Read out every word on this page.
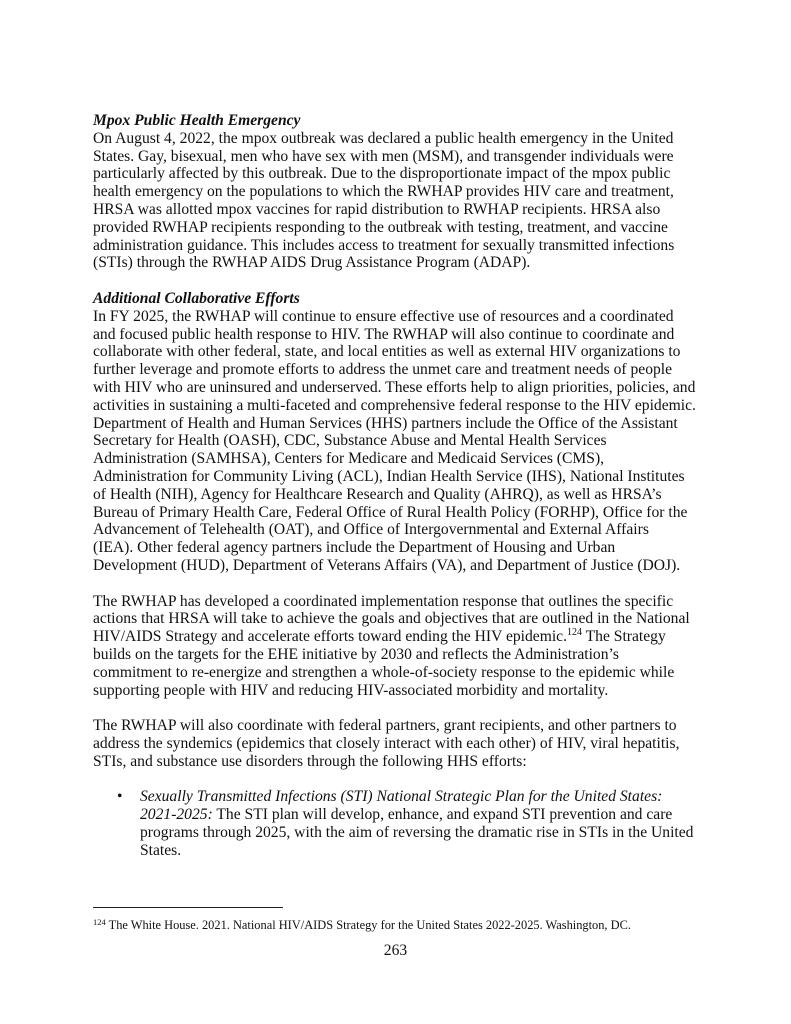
Mpox Public Health Emergency
On August 4, 2022, the mpox outbreak was declared a public health emergency in the United
States. Gay, bisexual, men who have sex with men (MSM), and transgender individuals were
particularly affected by this outbreak. Due to the disproportionate impact of the mpox public
health emergency on the populations to which the RWHAP provides HIV care and treatment,
HRSA was allotted mpox vaccines for rapid distribution to RWHAP recipients. HRSA also
provided RWHAP recipients responding to the outbreak with testing, treatment, and vaccine
administration guidance. This includes access to treatment for sexually transmitted infections
(STIs) through the RWHAP AIDS Drug Assistance Program (ADAP).
Additional Collaborative Efforts
In FY 2025, the RWHAP will continue to ensure effective use of resources and a coordinated
and focused public health response to HIV. The RWHAP will also continue to coordinate and
collaborate with other federal, state, and local entities as well as external HIV organizations to
further leverage and promote efforts to address the unmet care and treatment needs of people
with HIV who are uninsured and underserved. These efforts help to align priorities, policies, and
activities in sustaining a multi-faceted and comprehensive federal response to the HIV epidemic.
Department of Health and Human Services (HHS) partners include the Office of the Assistant
Secretary for Health (OASH), CDC, Substance Abuse and Mental Health Services
Administration (SAMHSA), Centers for Medicare and Medicaid Services (CMS),
Administration for Community Living (ACL), Indian Health Service (IHS), National Institutes
of Health (NIH), Agency for Healthcare Research and Quality (AHRQ), as well as HRSA’s
Bureau of Primary Health Care, Federal Office of Rural Health Policy (FORHP), Office for the
Advancement of Telehealth (OAT), and Office of Intergovernmental and External Affairs
(IEA). Other federal agency partners include the Department of Housing and Urban
Development (HUD), Department of Veterans Affairs (VA), and Department of Justice (DOJ).
The RWHAP has developed a coordinated implementation response that outlines the specific
actions that HRSA will take to achieve the goals and objectives that are outlined in the National
HIV/AIDS Strategy and accelerate efforts toward ending the HIV epidemic.$^{124}$ The Strategy
builds on the targets for the EHE initiative by 2030 and reflects the Administration’s
commitment to re-energize and strengthen a whole-of-society response to the epidemic while
supporting people with HIV and reducing HIV-associated morbidity and mortality.
The RWHAP will also coordinate with federal partners, grant recipients, and other partners to
address the syndemics (epidemics that closely interact with each other) of HIV, viral hepatitis,
STIs, and substance use disorders through the following HHS efforts:
• Sexually Transmitted Infections (STI) National Strategic Plan for the United States:
2021-2025: The STI plan will develop, enhance, and expand STI prevention and care
programs through 2025, with the aim of reversing the dramatic rise in STIs in the United
States.
$^{124}$ The White House. 2021. National HIV/AIDS Strategy for the United States 2022-2025. Washington, DC.
263
